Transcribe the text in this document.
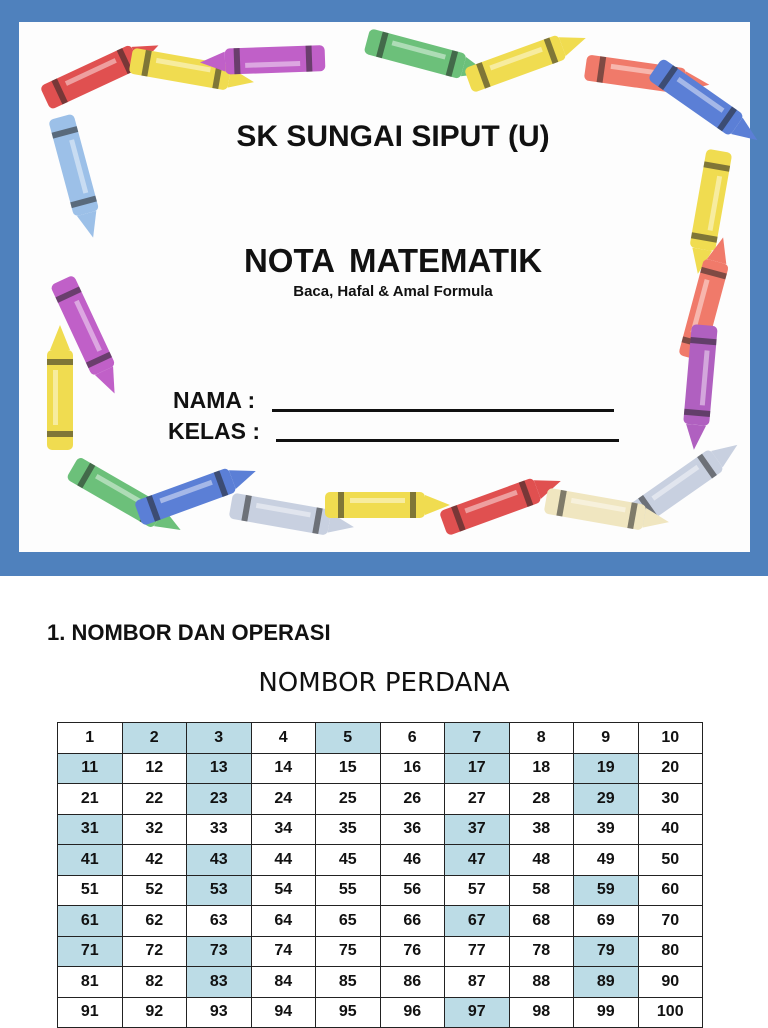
SK SUNGAI SIPUT (U)
NOTA MATEMATIK
Baca, Hafal & Amal Formula
NAMA :
KELAS :
1. NOMBOR DAN OPERASI
NOMBOR PERDANA
1	2	3	4	5	6	7	8	9	10
11	12	13	14	15	16	17	18	19	20
21	22	23	24	25	26	27	28	29	30
31	32	33	34	35	36	37	38	39	40
41	42	43	44	45	46	47	48	49	50
51	52	53	54	55	56	57	58	59	60
61	62	63	64	65	66	67	68	69	70
71	72	73	74	75	76	77	78	79	80
81	82	83	84	85	86	87	88	89	90
91	92	93	94	95	96	97	98	99	100
